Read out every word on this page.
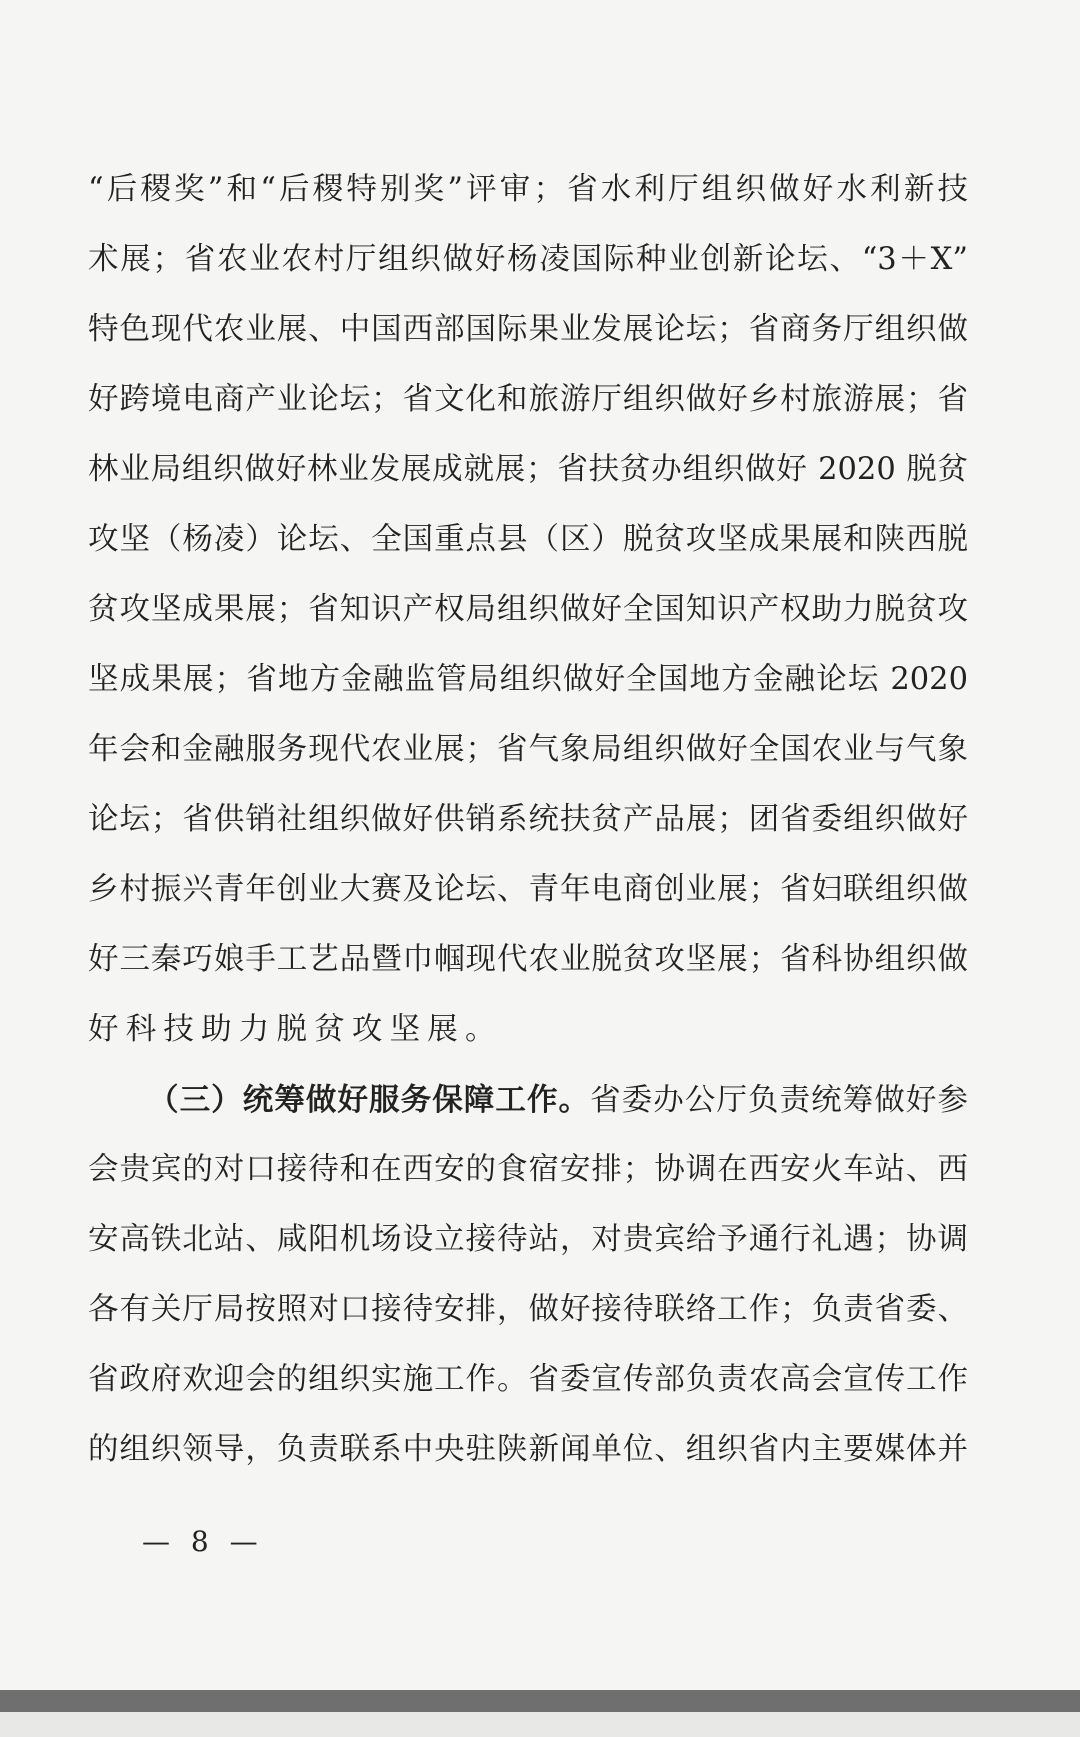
“后稷奖”和“后稷特别奖”评审；省水利厅组织做好水利新技
术展；省农业农村厅组织做好杨凌国际种业创新论坛、“3＋X”
特色现代农业展、中国西部国际果业发展论坛；省商务厅组织做
好跨境电商产业论坛；省文化和旅游厅组织做好乡村旅游展；省
林业局组织做好林业发展成就展；省扶贫办组织做好 2020 脱贫
攻坚（杨凌）论坛、全国重点县（区）脱贫攻坚成果展和陕西脱
贫攻坚成果展；省知识产权局组织做好全国知识产权助力脱贫攻
坚成果展；省地方金融监管局组织做好全国地方金融论坛 2020
年会和金融服务现代农业展；省气象局组织做好全国农业与气象
论坛；省供销社组织做好供销系统扶贫产品展；团省委组织做好
乡村振兴青年创业大赛及论坛、青年电商创业展；省妇联组织做
好三秦巧娘手工艺品暨巾帼现代农业脱贫攻坚展；省科协组织做
好科技助力脱贫攻坚展。
（三）统筹做好服务保障工作。省委办公厅负责统筹做好参
会贵宾的对口接待和在西安的食宿安排；协调在西安火车站、西
安高铁北站、咸阳机场设立接待站，对贵宾给予通行礼遇；协调
各有关厅局按照对口接待安排，做好接待联络工作；负责省委、
省政府欢迎会的组织实施工作。省委宣传部负责农高会宣传工作
的组织领导，负责联系中央驻陕新闻单位、组织省内主要媒体并
— 8 —
